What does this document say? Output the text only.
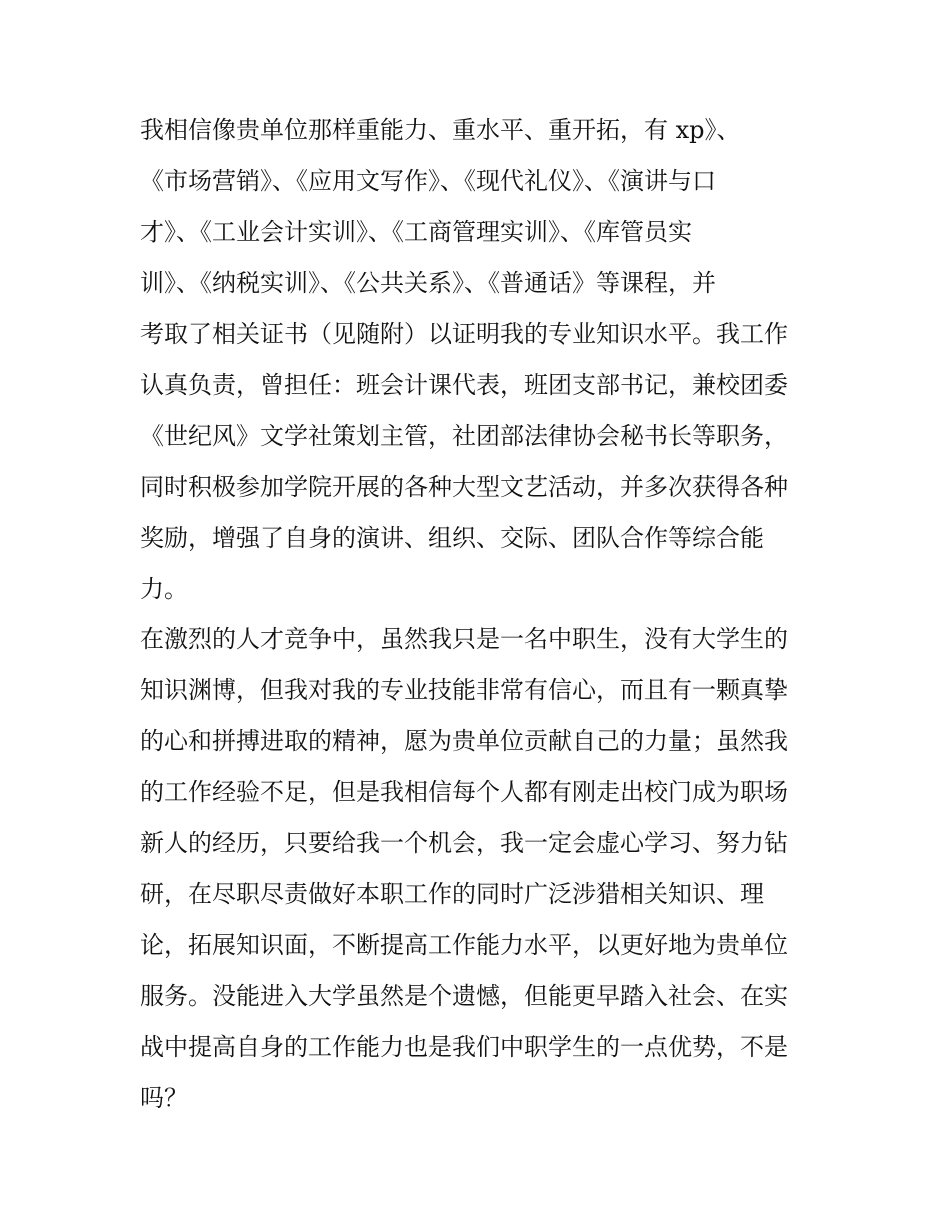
我相信像贵单位那样重能力、重水平、重开拓，有 xp》、
《市场营销》、《应用文写作》、《现代礼仪》、《演讲与口
才》、《工业会计实训》、《工商管理实训》、《库管员实
训》、《纳税实训》、《公共关系》、《普通话》等课程，并
考取了相关证书（见随附）以证明我的专业知识水平。我工作
认真负责，曾担任：班会计课代表，班团支部书记，兼校团委
《世纪风》文学社策划主管，社团部法律协会秘书长等职务，
同时积极参加学院开展的各种大型文艺活动，并多次获得各种
奖励，增强了自身的演讲、组织、交际、团队合作等综合能
力。
在激烈的人才竞争中，虽然我只是一名中职生，没有大学生的
知识渊博，但我对我的专业技能非常有信心，而且有一颗真挚
的心和拼搏进取的精神，愿为贵单位贡献自己的力量；虽然我
的工作经验不足，但是我相信每个人都有刚走出校门成为职场
新人的经历，只要给我一个机会，我一定会虚心学习、努力钻
研，在尽职尽责做好本职工作的同时广泛涉猎相关知识、理
论，拓展知识面，不断提高工作能力水平，以更好地为贵单位
服务。没能进入大学虽然是个遗憾，但能更早踏入社会、在实
战中提高自身的工作能力也是我们中职学生的一点优势，不是
吗？
